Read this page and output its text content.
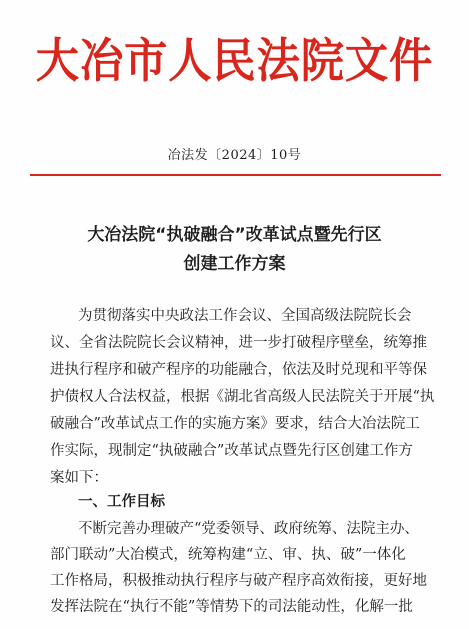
大冶市人民法院文件
冶法发〔2024〕10号
大冶法院“执破融合”改革试点暨先行区
创建工作方案
为贯彻落实中央政法工作会议、全国高级法院院长会
议、全省法院院长会议精神，进一步打破程序壁垒，统筹推
进执行程序和破产程序的功能融合，依法及时兑现和平等保
护债权人合法权益，根据《湖北省高级人民法院关于开展“执
破融合”改革试点工作的实施方案》要求，结合大冶法院工
作实际，现制定“执破融合”改革试点暨先行区创建工作方
案如下：
一、工作目标
不断完善办理破产“党委领导、政府统筹、法院主办、
部门联动”大冶模式，统筹构建“立、审、执、破”一体化
工作格局，积极推动执行程序与破产程序高效衔接，更好地
发挥法院在“执行不能”等情势下的司法能动性，化解一批
